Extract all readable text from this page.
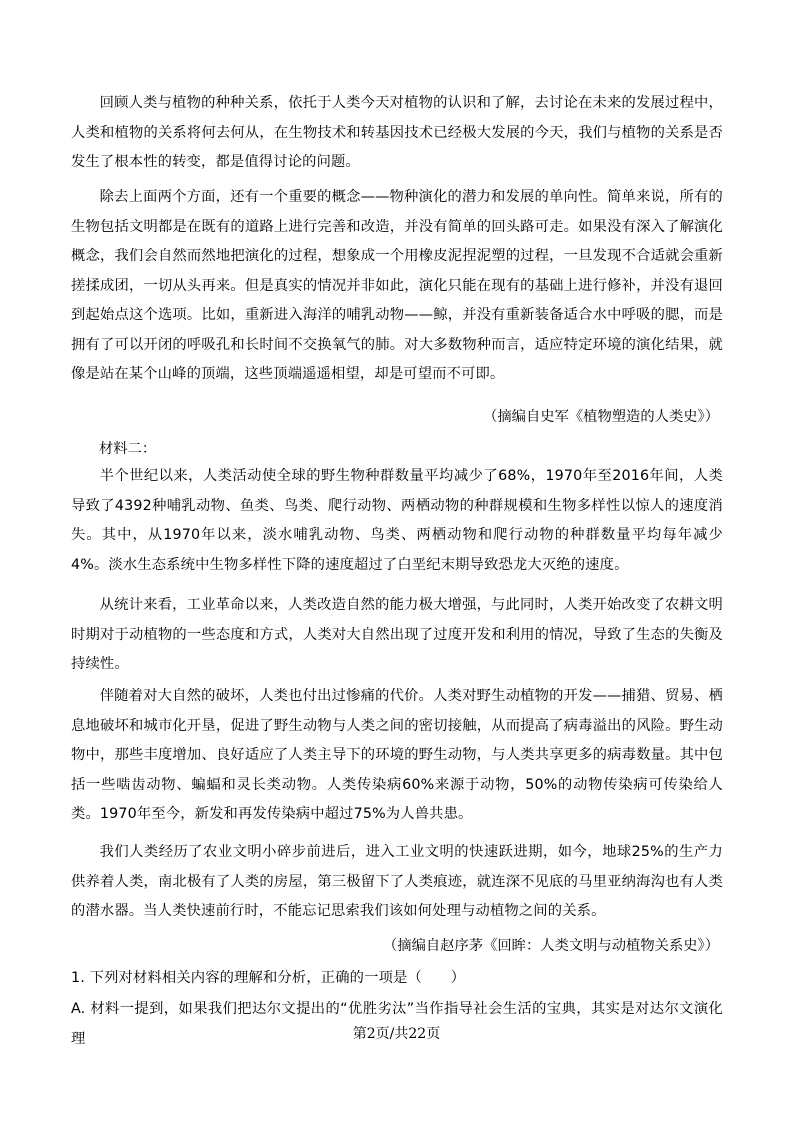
回顾人类与植物的种种关系，依托于人类今天对植物的认识和了解，去讨论在未来的发展过程中，人类和植物的关系将何去何从，在生物技术和转基因技术已经极大发展的今天，我们与植物的关系是否发生了根本性的转变，都是值得讨论的问题。

除去上面两个方面，还有一个重要的概念——物种演化的潜力和发展的单向性。简单来说，所有的生物包括文明都是在既有的道路上进行完善和改造，并没有简单的回头路可走。如果没有深入了解演化概念，我们会自然而然地把演化的过程，想象成一个用橡皮泥捏泥塑的过程，一旦发现不合适就会重新搓揉成团，一切从头再来。但是真实的情况并非如此，演化只能在现有的基础上进行修补，并没有退回到起始点这个选项。比如，重新进入海洋的哺乳动物——鲸，并没有重新装备适合水中呼吸的腮，而是拥有了可以开闭的呼吸孔和长时间不交换氧气的肺。对大多数物种而言，适应特定环境的演化结果，就像是站在某个山峰的顶端，这些顶端遥遥相望，却是可望而不可即。

（摘编自史军《植物塑造的人类史》）

材料二：

半个世纪以来，人类活动使全球的野生物种群数量平均减少了68%，1970年至2016年间，人类导致了4392种哺乳动物、鱼类、鸟类、爬行动物、两栖动物的种群规模和生物多样性以惊人的速度消失。其中，从1970年以来，淡水哺乳动物、鸟类、两栖动物和爬行动物的种群数量平均每年减少4%。淡水生态系统中生物多样性下降的速度超过了白垩纪末期导致恐龙大灭绝的速度。

从统计来看，工业革命以来，人类改造自然的能力极大增强，与此同时，人类开始改变了农耕文明时期对于动植物的一些态度和方式，人类对大自然出现了过度开发和利用的情况，导致了生态的失衡及持续性。

伴随着对大自然的破坏，人类也付出过惨痛的代价。人类对野生动植物的开发——捕猎、贸易、栖息地破坏和城市化开垦，促进了野生动物与人类之间的密切接触，从而提高了病毒溢出的风险。野生动物中，那些丰度增加、良好适应了人类主导下的环境的野生动物，与人类共享更多的病毒数量。其中包括一些啮齿动物、蝙蝠和灵长类动物。人类传染病60%来源于动物，50%的动物传染病可传染给人类。1970年至今，新发和再发传染病中超过75%为人兽共患。

我们人类经历了农业文明小碎步前进后，进入工业文明的快速跃进期，如今，地球25%的生产力供养着人类，南北极有了人类的房屋，第三极留下了人类痕迹，就连深不见底的马里亚纳海沟也有人类的潜水器。当人类快速前行时，不能忘记思索我们该如何处理与动植物之间的关系。

（摘编自赵序茅《回眸：人类文明与动植物关系史》）

1. 下列对材料相关内容的理解和分析，正确的一项是（　　）

A. 材料一提到，如果我们把达尔文提出的“优胜劣汰”当作指导社会生活的宝典，其实是对达尔文演化理	第2页/共22页
